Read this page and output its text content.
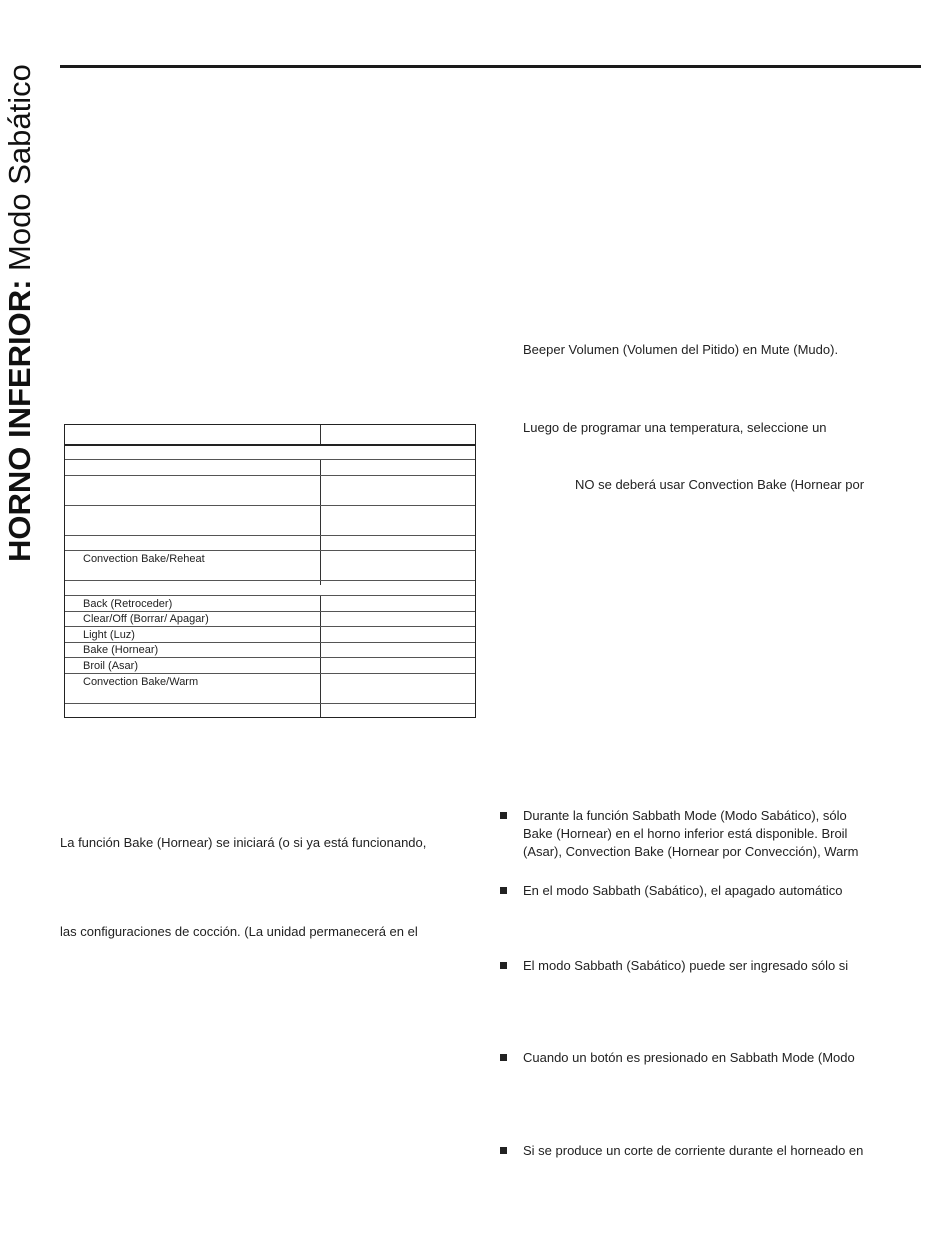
HORNO INFERIOR: Modo Sabático
Beeper Volumen (Volumen del Pitido) en Mute (Mudo).
Luego de programar una temperatura, seleccione un
NO se deberá usar Convection Bake (Hornear por
Convection Bake/Reheat
Back (Retroceder)
Clear/Off (Borrar/ Apagar)
Light (Luz)
Bake (Hornear)
Broil (Asar)
Convection Bake/Warm
La función Bake (Hornear) se iniciará (o si ya está funcionando,
las configuraciones de cocción. (La unidad permanecerá en el
Durante la función Sabbath Mode (Modo Sabático), sólo
Bake (Hornear) en el horno inferior está disponible. Broil
(Asar), Convection Bake (Hornear por Convección), Warm
En el modo Sabbath (Sabático), el apagado automático
El modo Sabbath (Sabático) puede ser ingresado sólo si
Cuando un botón es presionado en Sabbath Mode (Modo
Si se produce un corte de corriente durante el horneado en
